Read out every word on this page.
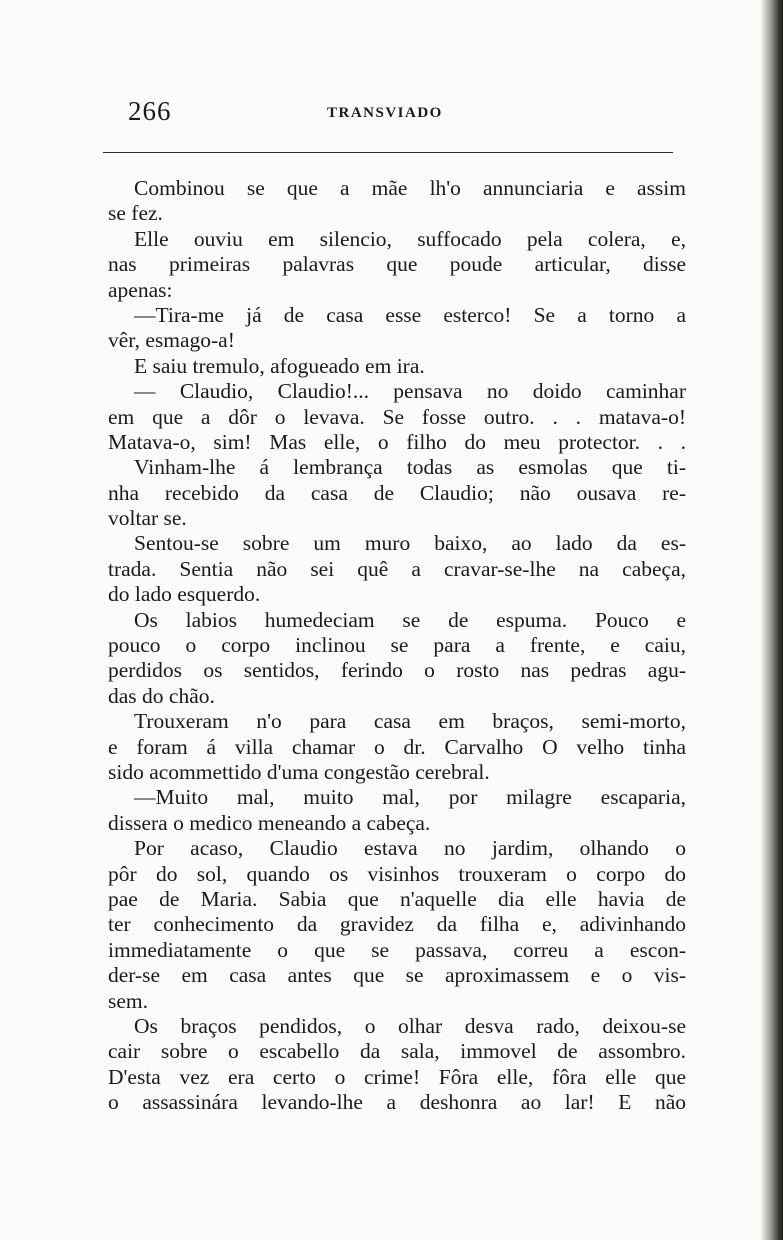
266	TRANSVIADO
Combinou se que a mãe lh'o annunciaria e assim
se fez.
Elle ouviu em silencio, suffocado pela colera, e,
nas primeiras palavras que poude articular, disse
apenas:
—Tira-me já de casa esse esterco! Se a torno a
vêr, esmago-a!
E saiu tremulo, afogueado em ira.
— Claudio, Claudio!... pensava no doido caminhar
em que a dôr o levava. Se fosse outro. . . matava-o!
Matava-o, sim! Mas elle, o filho do meu protector. . .
Vinham-lhe á lembrança todas as esmolas que ti-
nha recebido da casa de Claudio; não ousava re-
voltar se.
Sentou-se sobre um muro baixo, ao lado da es-
trada. Sentia não sei quê a cravar-se-lhe na cabeça,
do lado esquerdo.
Os labios humedeciam se de espuma. Pouco e
pouco o corpo inclinou se para a frente, e caiu,
perdidos os sentidos, ferindo o rosto nas pedras agu-
das do chão.
Trouxeram n'o para casa em braços, semi-morto,
e foram á villa chamar o dr. Carvalho O velho tinha
sido acommettido d'uma congestão cerebral.
—Muito mal, muito mal, por milagre escaparia,
dissera o medico meneando a cabeça.
Por acaso, Claudio estava no jardim, olhando o
pôr do sol, quando os visinhos trouxeram o corpo do
pae de Maria. Sabia que n'aquelle dia elle havia de
ter conhecimento da gravidez da filha e, adivinhando
immediatamente o que se passava, correu a escon-
der-se em casa antes que se aproximassem e o vis-
sem.
Os braços pendidos, o olhar desva rado, deixou-se
cair sobre o escabello da sala, immovel de assombro.
D'esta vez era certo o crime! Fôra elle, fôra elle que
o assassinára levando-lhe a deshonra ao lar! E não
